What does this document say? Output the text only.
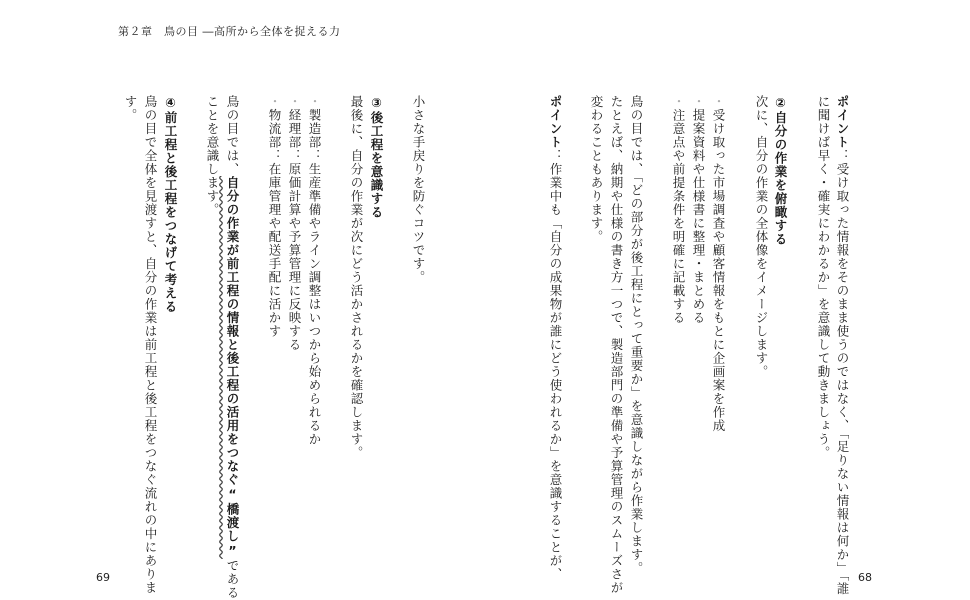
第２章　鳥の目 ―高所から全体を捉える力
ポイント：受け取った情報をそのまま使うのではなく、「足りない情報は何か」「誰
に聞けば早く・確実にわかるか」を意識して動きましょう。
②自分の作業を俯瞰する
次に、自分の作業の全体像をイメージします。
・受け取った市場調査や顧客情報をもとに企画案を作成
・提案資料や仕様書に整理・まとめる
・注意点や前提条件を明確に記載する
鳥の目では、「どの部分が後工程にとって重要か」を意識しながら作業します。
たとえば、納期や仕様の書き方一つで、製造部門の準備や予算管理のスムーズさが
変わることもあります。
ポイント：作業中も「自分の成果物が誰にどう使われるか」を意識することが、
小さな手戻りを防ぐコツです。
③後工程を意識する
最後に、自分の作業が次にどう活かされるかを確認します。
・製造部：生産準備やライン調整はいつから始められるか
・経理部：原価計算や予算管理に反映する
・物流部：在庫管理や配送手配に活かす
鳥の目では、自分の作業が前工程の情報と後工程の活用をつなぐ“橋渡し”である
ことを意識します。
④前工程と後工程をつなげて考える
鳥の目で全体を見渡すと、自分の作業は前工程と後工程をつなぐ流れの中にありま
す。
69	68
